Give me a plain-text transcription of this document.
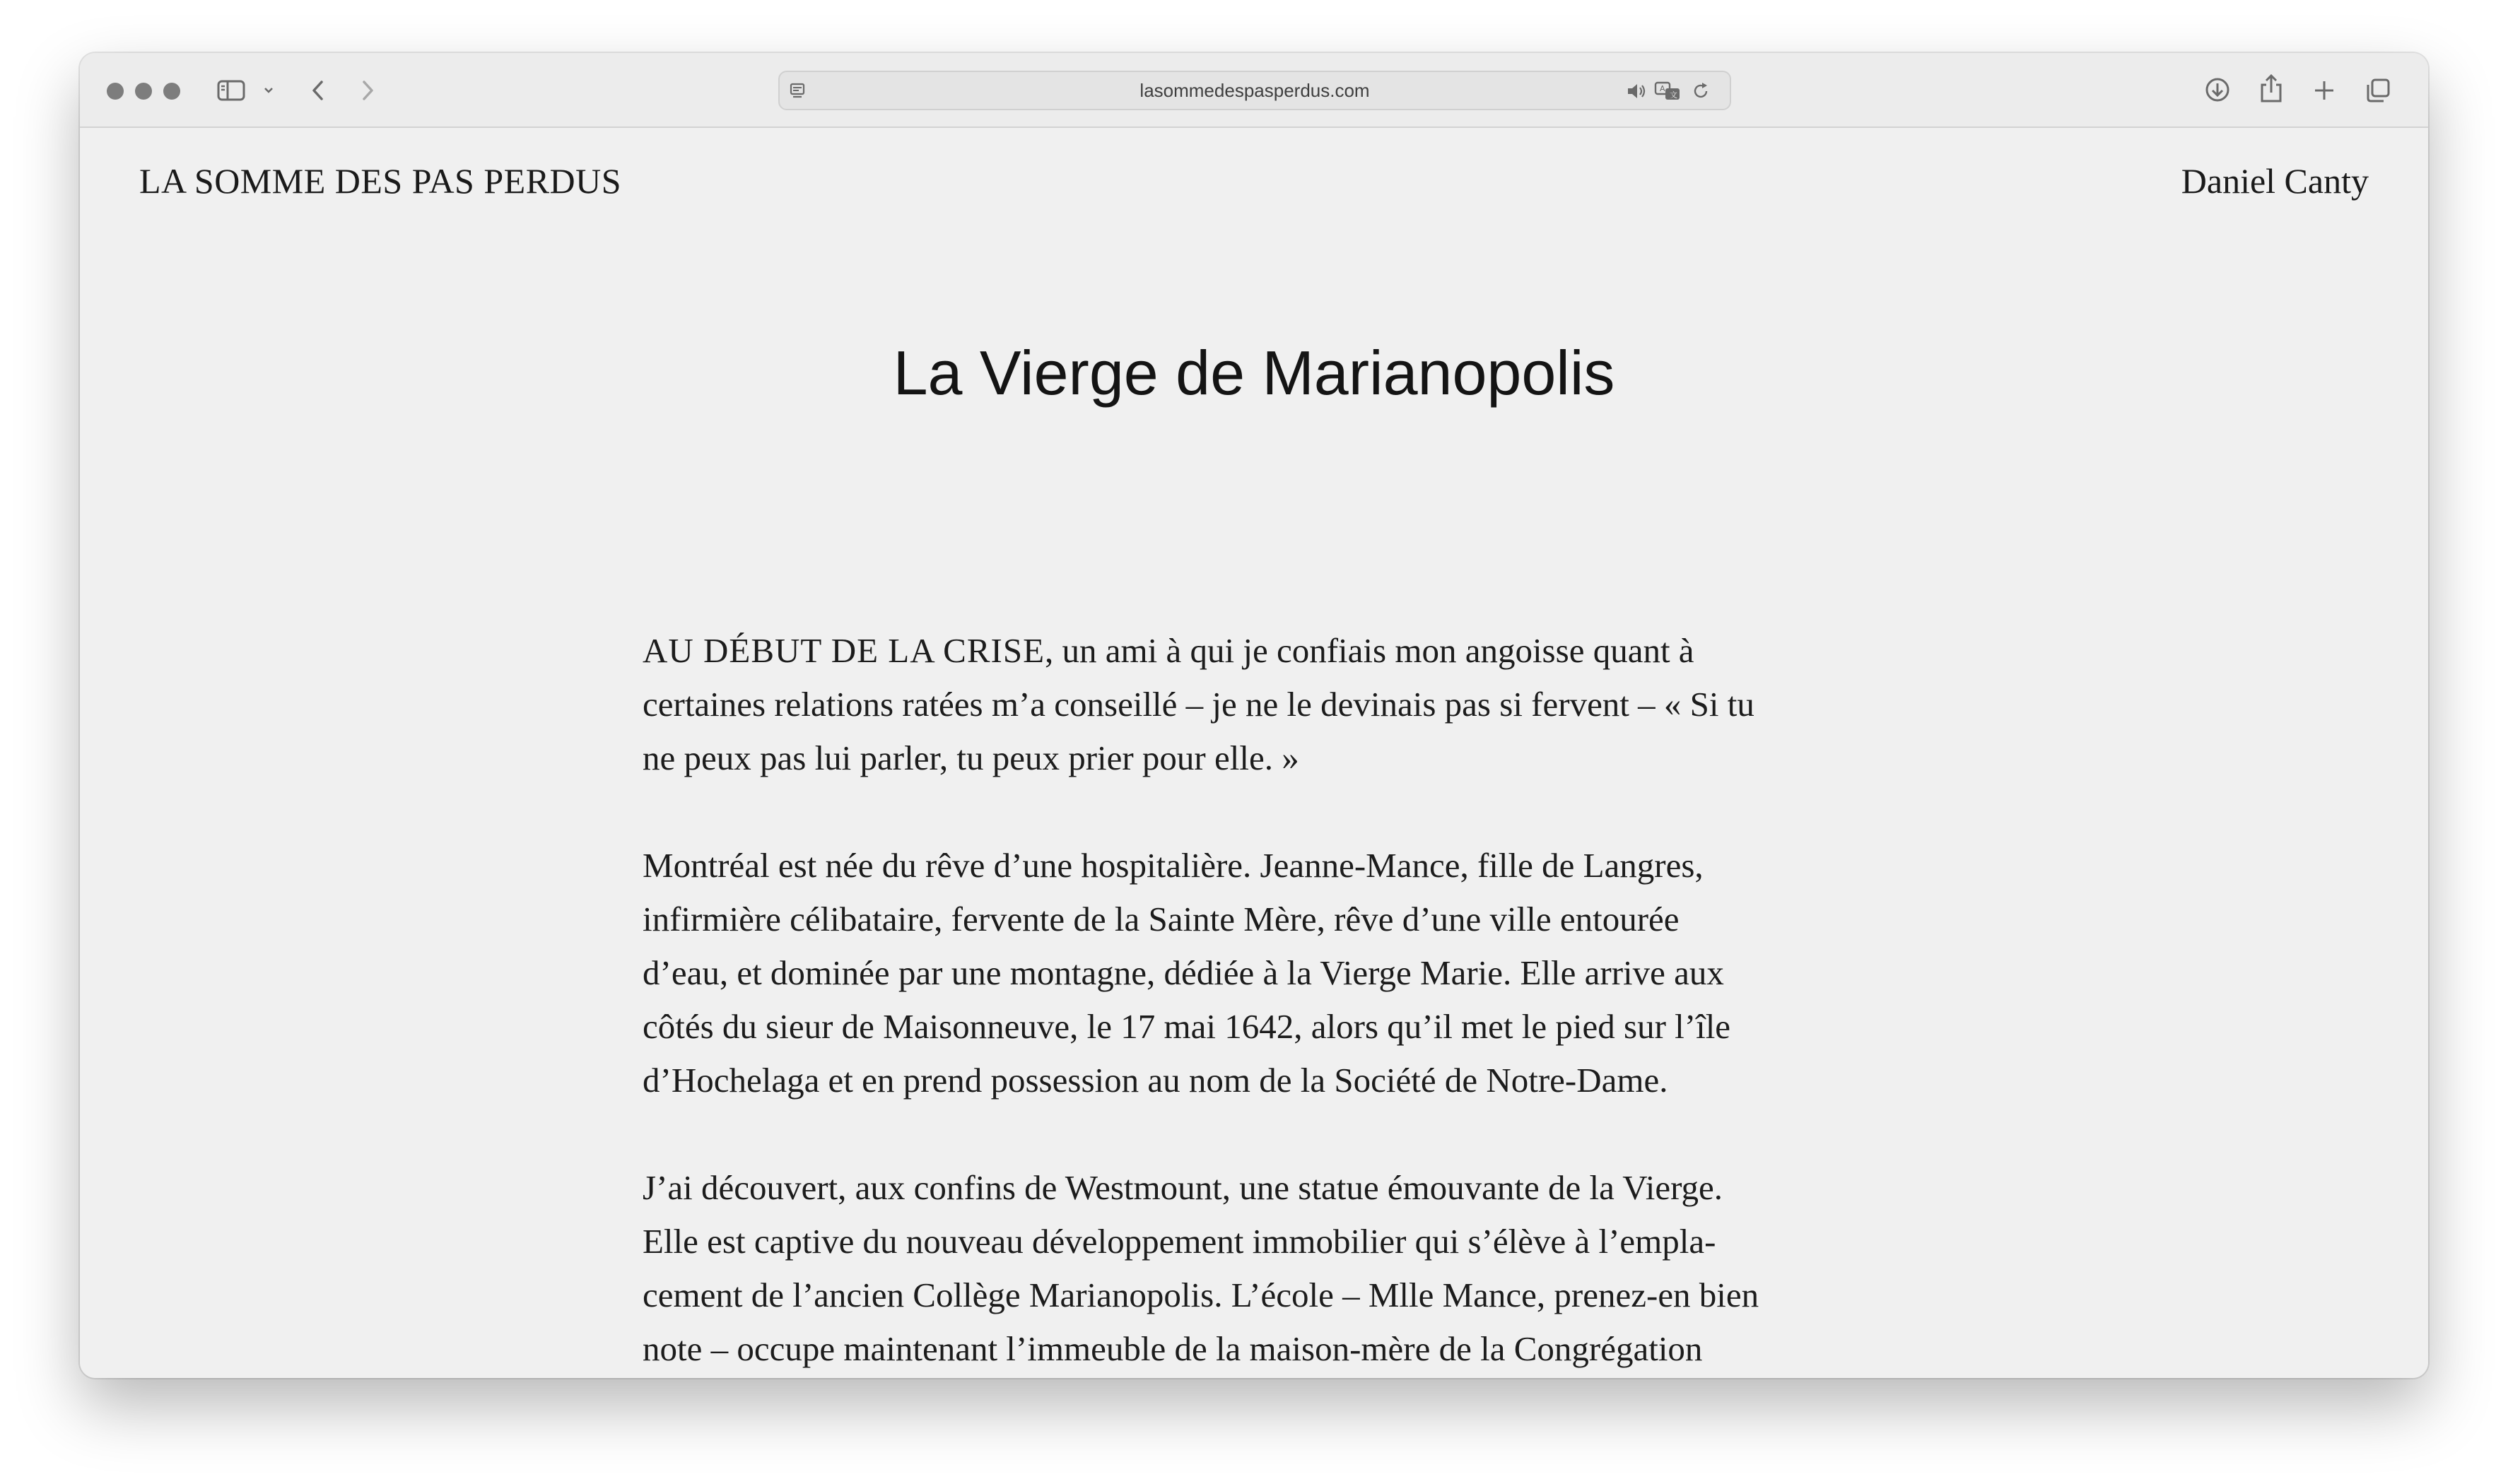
lasommedespasperdus.com	A
文
LA SOMME DES PAS PERDUS	Daniel Canty
La Vierge de Marianopolis

AU DÉBUT DE LA CRISE, un ami à qui je confiais mon angoisse quant à
certaines relations ratées m’a conseillé – je ne le devinais pas si fervent – « Si tu
ne peux pas lui parler, tu peux prier pour elle. »

Montréal est née du rêve d’une hospitalière. Jeanne-Mance, fille de Langres,
infirmière célibataire, fervente de la Sainte Mère, rêve d’une ville entourée
d’eau, et dominée par une montagne, dédiée à la Vierge Marie. Elle arrive aux
côtés du sieur de Maisonneuve, le 17 mai 1642, alors qu’il met le pied sur l’île
d’Hochelaga et en prend possession au nom de la Société de Notre-Dame.

J’ai découvert, aux confins de Westmount, une statue émouvante de la Vierge.
Elle est captive du nouveau développement immobilier qui s’élève à l’empla-
cement de l’ancien Collège Marianopolis. L’école – Mlle Mance, prenez-en bien
note – occupe maintenant l’immeuble de la maison-mère de la Congrégation
